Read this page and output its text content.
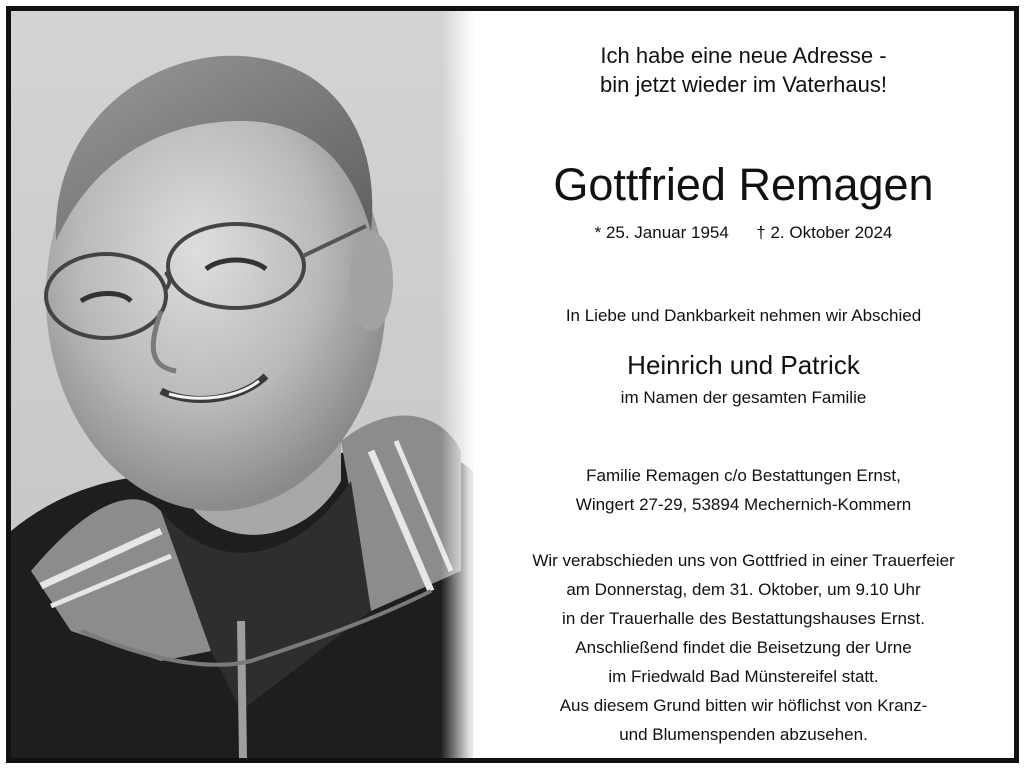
Ich habe eine neue Adresse -
bin jetzt wieder im Vaterhaus!
Gottfried Remagen
* 25. Januar 1954 † 2. Oktober 2024
In Liebe und Dankbarkeit nehmen wir Abschied
Heinrich und Patrick
im Namen der gesamten Familie
Familie Remagen c/o Bestattungen Ernst,
Wingert 27-29, 53894 Mechernich-Kommern
Wir verabschieden uns von Gottfried in einer Trauerfeier
am Donnerstag, dem 31. Oktober, um 9.10 Uhr
in der Trauerhalle des Bestattungshauses Ernst.
Anschließend findet die Beisetzung der Urne
im Friedwald Bad Münstereifel statt.
Aus diesem Grund bitten wir höflichst von Kranz-
und Blumenspenden abzusehen.
